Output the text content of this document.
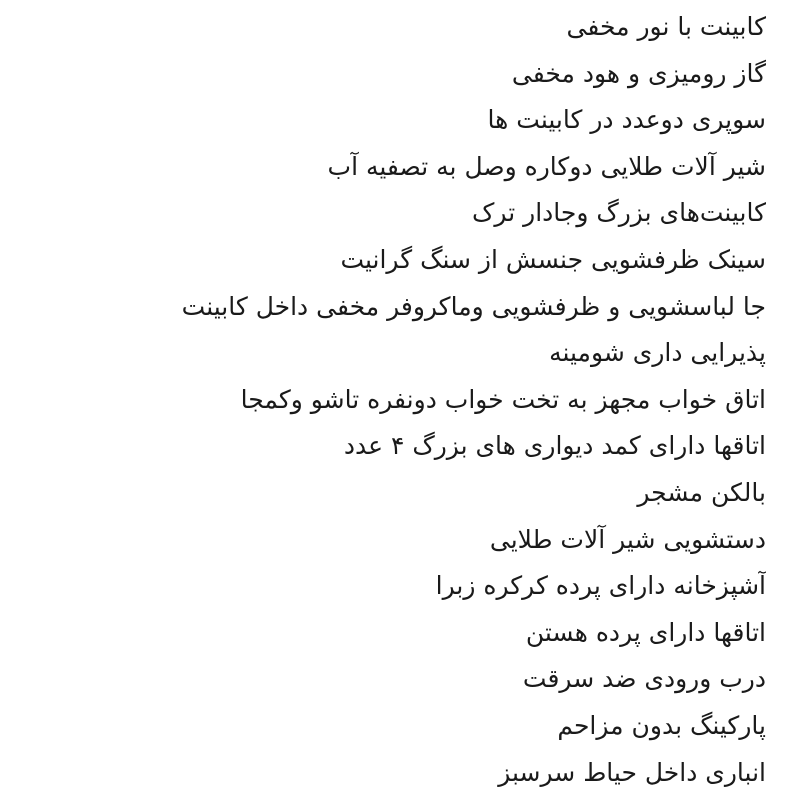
کابینت با نور مخفی
گاز رومیزی و هود مخفی
سوپری دوعدد در کابینت ها
شیر آلات طلایی دوکاره وصل به تصفیه آب
کابینت‌های بزرگ وجادار ترک
سینک ظرفشویی جنسش از سنگ گرانیت
جا لباسشویی و ظرفشویی وماکروفر مخفی داخل کابینت
پذیرایی داری شومینه
اتاق خواب مجهز به تخت خواب دونفره تاشو وکمجا
اتاقها دارای کمد دیواری های بزرگ ۴ عدد
بالکن مشجر
دستشویی شیر آلات طلایی
آشپزخانه دارای پرده کرکره زبرا
اتاقها دارای پرده هستن
درب ورودی ضد سرقت
پارکینگ بدون مزاحم
انباری داخل حیاط سرسبز
